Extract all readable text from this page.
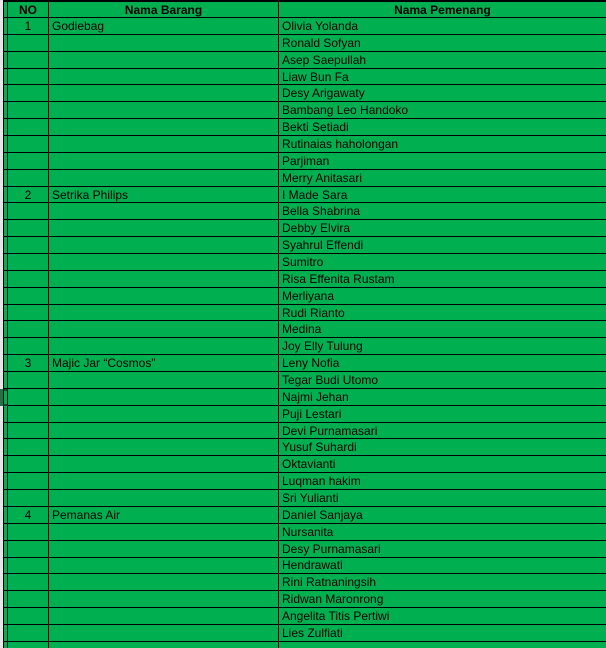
NO	Nama Barang	Nama Pemenang
1	Godiebag	Olivia Yolanda
Ronald Sofyan
Asep Saepullah
Liaw Bun Fa
Desy Arigawaty
Bambang Leo Handoko
Bekti Setiadi
Rutinaias haholongan
Parjiman
Merry Anitasari
2	Setrika Philips	I Made Sara
Bella Shabrina
Debby Elvira
Syahrul Effendi
Sumitro
Risa Effenita Rustam
Merliyana
Rudi Rianto
Medina
Joy Elly Tulung
3	Majic Jar “Cosmos”	Leny Nofia
Tegar Budi Utomo
Najmi Jehan
Puji Lestari
Devi Purnamasari
Yusuf Suhardi
Oktavianti
Luqman hakim
Sri Yulianti
4	Pemanas Air	Daniel Sanjaya
Nursanita
Desy Purnamasari
Hendrawati
Rini Ratnaningsih
Ridwan Maronrong
Angelita Titis Pertiwi
Lies Zulfiati
